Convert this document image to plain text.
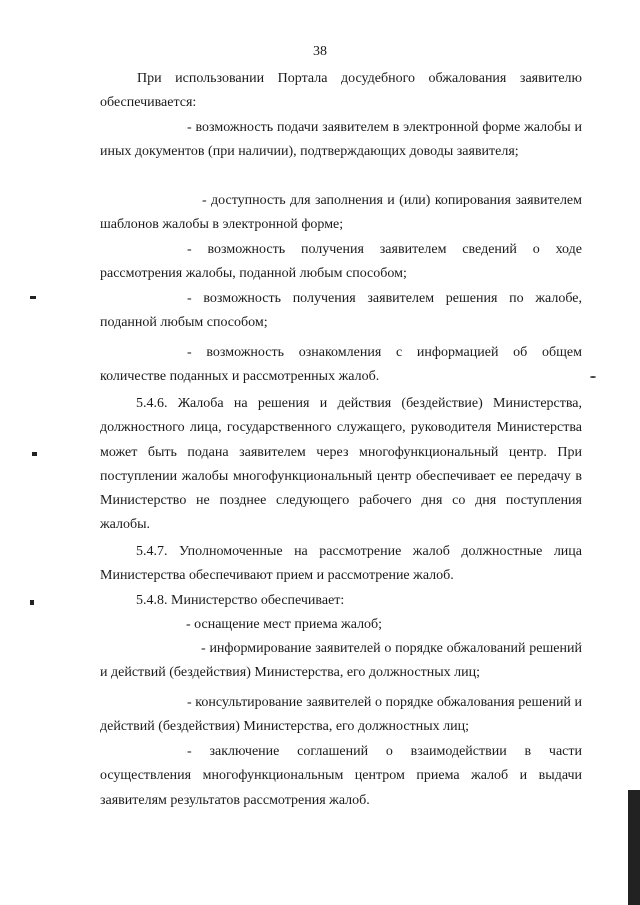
38

При использовании Портала досудебного обжалования заявителю обеспечивается:

- возможность подачи заявителем в электронной форме жалобы и иных документов (при наличии), подтверждающих доводы заявителя;

- доступность для заполнения и (или) копирования заявителем шаблонов жалобы в электронной форме;

- возможность получения заявителем сведений о ходе рассмотрения жалобы, поданной любым способом;

- возможность получения заявителем решения по жалобе, поданной любым способом;

- возможность ознакомления с информацией об общем количестве поданных и рассмотренных жалоб.

5.4.6. Жалоба на решения и действия (бездействие) Министерства, должностного лица, государственного служащего, руководителя Министерства может быть подана заявителем через многофункциональный центр. При поступлении жалобы многофункциональный центр обеспечивает ее передачу в Министерство не позднее следующего рабочего дня со дня поступления жалобы.

5.4.7. Уполномоченные на рассмотрение жалоб должностные лица Министерства обеспечивают прием и рассмотрение жалоб.

5.4.8. Министерство обеспечивает:

- оснащение мест приема жалоб;

- информирование заявителей о порядке обжалований решений и действий (бездействия) Министерства, его должностных лиц;

- консультирование заявителей о порядке обжалования решений и действий (бездействия) Министерства, его должностных лиц;

- заключение соглашений о взаимодействии в части осуществления многофункциональным центром приема жалоб и выдачи заявителям результатов рассмотрения жалоб.
